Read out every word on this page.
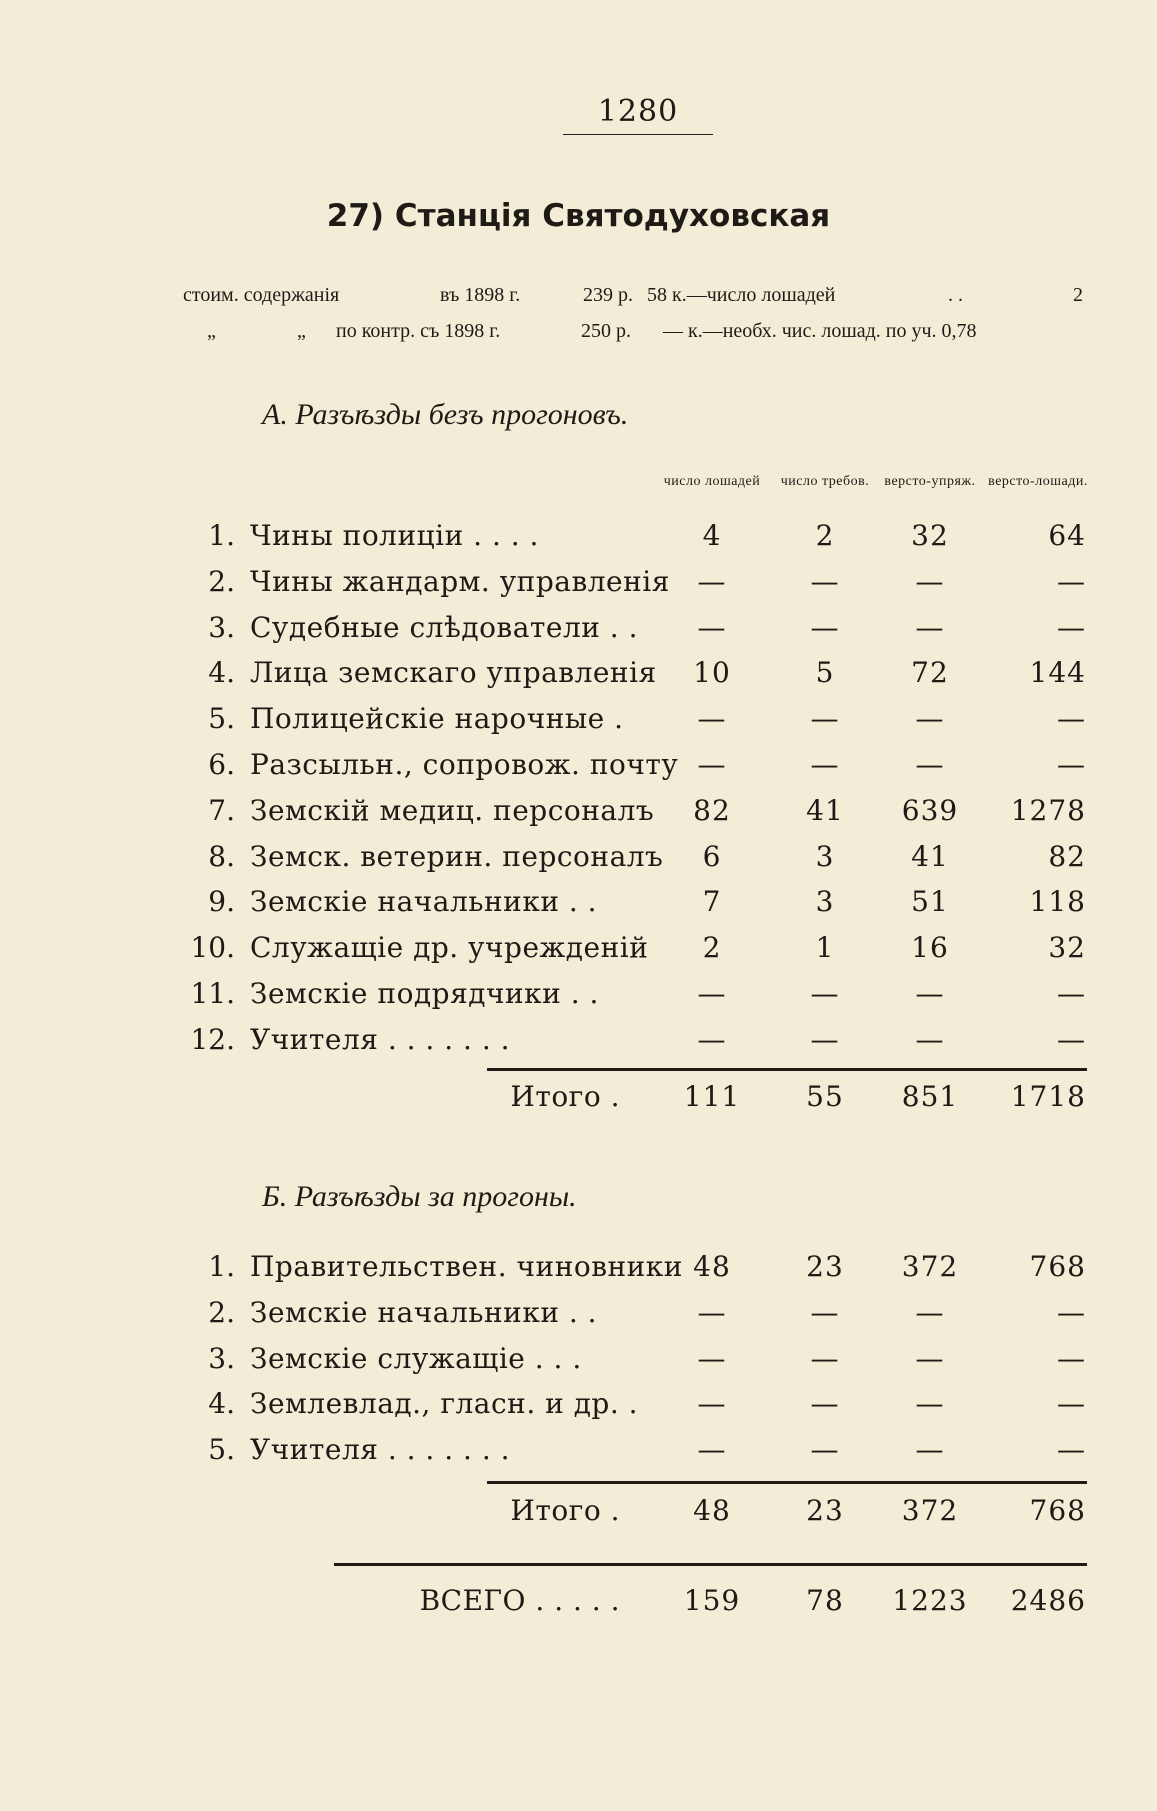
1280
27) Станція Святодуховская
стоим. содержанія	въ 1898 г.	239 р. 58 к.—число лошадей	. .	2
„	„ по контр. съ 1898 г.	250 р. — к.—необх. чис. лошад. по уч. 0,78
А. Разъѣзды безъ прогоновъ.
число лошадей	число требов.	версто-упряж. версто-лошади.
1. Чины полиціи . . . .	4	2	32	64
2. Чины жандарм. управленія —	—	—	—
3. Судебные слѣдователи . .	—	—	—	—
4. Лица земскаго управленія	10	5	72	144
5. Полицейскіе нарочные .	—	—	—	—
6. Разсыльн., сопровож. почту —	—	—	—
7. Земскій медиц. персоналъ	82	41	639	1278
8. Земск. ветерин. персоналъ	6	3	41	82
9. Земскіе начальники . .	7	3	51	118
10. Служащіе др. учрежденій	2	1	16	32
11. Земскіе подрядчики . .	—	—	—	—
12. Учителя . . . . . . .	—	—	—	—
Итого .	111	55	851	1718
Б. Разъѣзды за прогоны.
1. Правительствен. чиновники 48	23	372	768
2. Земскіе начальники . .	—	—	—	—
3. Земскіе служащіе . . .	—	—	—	—
4. Землевлад., гласн. и др. .	—	—	—	—
5. Учителя . . . . . . .	—	—	—	—
Итого .	48	23	372	768
ВСЕГО . . . . .	159	78	1223	2486
